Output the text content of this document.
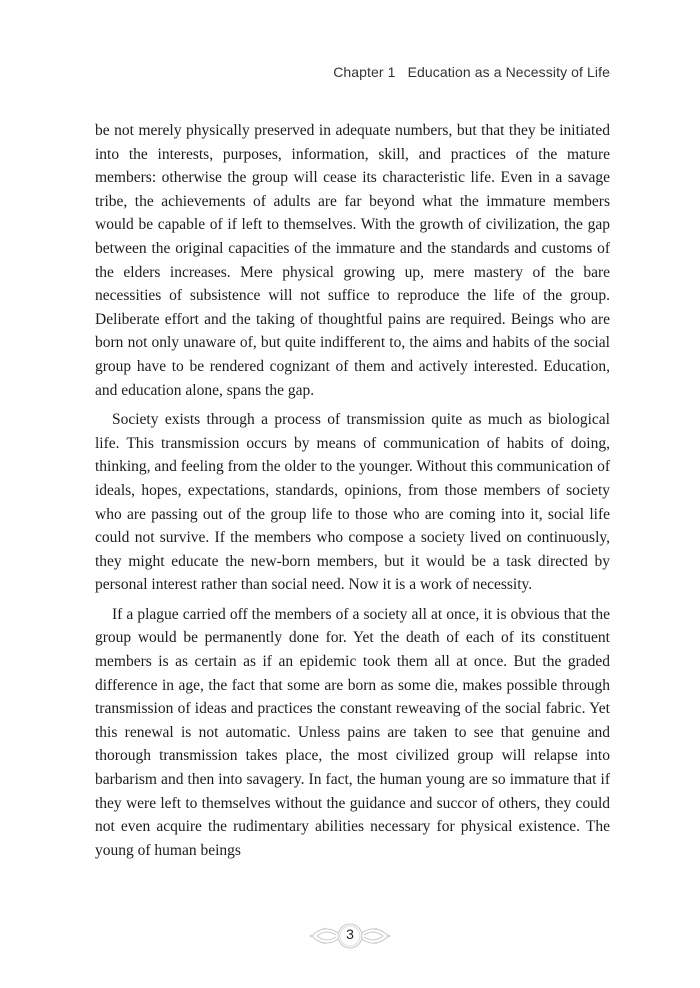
Chapter 1 Education as a Necessity of Life

be not merely physically preserved in adequate numbers, but that they be initiated into the interests, purposes, information, skill, and practices of the mature members: otherwise the group will cease its characteristic life. Even in a savage tribe, the achievements of adults are far beyond what the immature members would be capable of if left to themselves. With the growth of civilization, the gap between the original capacities of the immature and the standards and customs of the elders increases. Mere physical growing up, mere mastery of the bare necessities of subsistence will not suffice to reproduce the life of the group. Deliberate effort and the taking of thoughtful pains are required. Beings who are born not only unaware of, but quite indifferent to, the aims and habits of the social group have to be rendered cognizant of them and actively interested. Education, and education alone, spans the gap.

Society exists through a process of transmission quite as much as biological life. This transmission occurs by means of communication of habits of doing, thinking, and feeling from the older to the younger. Without this communication of ideals, hopes, expectations, standards, opinions, from those members of society who are passing out of the group life to those who are coming into it, social life could not survive. If the members who compose a society lived on continuously, they might educate the new-born members, but it would be a task directed by personal interest rather than social need. Now it is a work of necessity.

If a plague carried off the members of a society all at once, it is obvious that the group would be permanently done for. Yet the death of each of its constituent members is as certain as if an epidemic took them all at once. But the graded difference in age, the fact that some are born as some die, makes possible through transmission of ideas and practices the constant reweaving of the social fabric. Yet this renewal is not automatic. Unless pains are taken to see that genuine and thorough transmission takes place, the most civilized group will relapse into barbarism and then into savagery. In fact, the human young are so immature that if they were left to themselves without the guidance and succor of others, they could not even acquire the rudimentary abilities necessary for physical existence. The young of human beings

3
